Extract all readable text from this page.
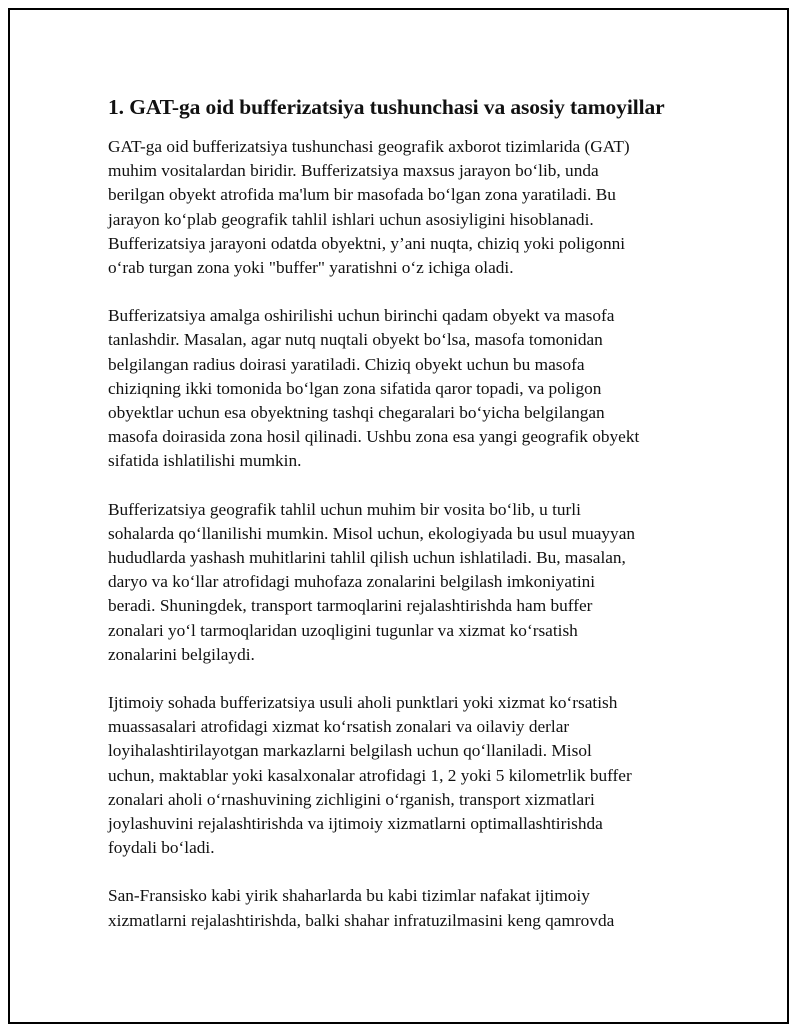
1. GAT-ga oid bufferizatsiya tushunchasi va asosiy tamoyillar
GAT-ga oid bufferizatsiya tushunchasi geografik axborot tizimlarida (GAT)
muhim vositalardan biridir. Bufferizatsiya maxsus jarayon bo‘lib, unda
berilgan obyekt atrofida ma'lum bir masofada bo‘lgan zona yaratiladi. Bu
jarayon ko‘plab geografik tahlil ishlari uchun asosiyligini hisoblanadi.
Bufferizatsiya jarayoni odatda obyektni, y’ani nuqta, chiziq yoki poligonni
o‘rab turgan zona yoki "buffer" yaratishni o‘z ichiga oladi.
Bufferizatsiya amalga oshirilishi uchun birinchi qadam obyekt va masofa
tanlashdir. Masalan, agar nutq nuqtali obyekt bo‘lsa, masofa tomonidan
belgilangan radius doirasi yaratiladi. Chiziq obyekt uchun bu masofa
chiziqning ikki tomonida bo‘lgan zona sifatida qaror topadi, va poligon
obyektlar uchun esa obyektning tashqi chegaralari bo‘yicha belgilangan
masofa doirasida zona hosil qilinadi. Ushbu zona esa yangi geografik obyekt
sifatida ishlatilishi mumkin.
Bufferizatsiya geografik tahlil uchun muhim bir vosita bo‘lib, u turli
sohalarda qo‘llanilishi mumkin. Misol uchun, ekologiyada bu usul muayyan
hududlarda yashash muhitlarini tahlil qilish uchun ishlatiladi. Bu, masalan,
daryo va ko‘llar atrofidagi muhofaza zonalarini belgilash imkoniyatini
beradi. Shuningdek, transport tarmoqlarini rejalashtirishda ham buffer
zonalari yo‘l tarmoqlaridan uzoqligini tugunlar va xizmat ko‘rsatish
zonalarini belgilaydi.
Ijtimoiy sohada bufferizatsiya usuli aholi punktlari yoki xizmat ko‘rsatish
muassasalari atrofidagi xizmat ko‘rsatish zonalari va oilaviy derlar
loyihalashtirilayotgan markazlarni belgilash uchun qo‘llaniladi. Misol
uchun, maktablar yoki kasalxonalar atrofidagi 1, 2 yoki 5 kilometrlik buffer
zonalari aholi o‘rnashuvining zichligini o‘rganish, transport xizmatlari
joylashuvini rejalashtirishda va ijtimoiy xizmatlarni optimallashtirishda
foydali bo‘ladi.
San-Fransisko kabi yirik shaharlarda bu kabi tizimlar nafakat ijtimoiy
xizmatlarni rejalashtirishda, balki shahar infratuzilmasini keng qamrovda
